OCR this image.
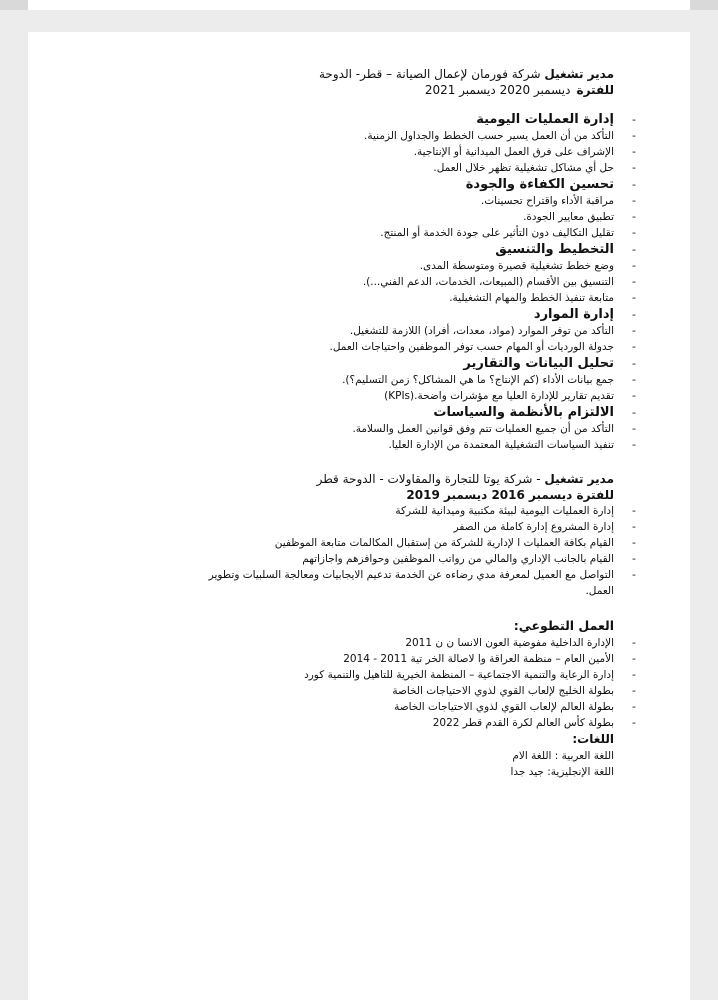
مدير تشغيل شركة فورمان لإعمال الصيانة – قطر- الدوحة
للفترةديسمبر 2020 ديسمبر 2021
إدارة العمليات اليومية -
التأكد من أن العمل يسير حسب الخطط والجداول الزمنية. -
الإشراف على فرق العمل الميدانية أو الإنتاجية. -
حل أي مشاكل تشغيلية تظهر خلال العمل. -
تحسين الكفاءة والجودة -
مراقبة الأداء واقتراح تحسينات. -
تطبيق معايير الجودة. -
تقليل التكاليف دون التأثير على جودة الخدمة أو المنتج. -
التخطيط والتنسيق -
وضع خطط تشغيلية قصيرة ومتوسطة المدى. -
التنسيق بين الأقسام (المبيعات، الخدمات، الدعم الفني...). -
متابعة تنفيذ الخطط والمهام التشغيلية. -
إدارة الموارد -
التأكد من توفر الموارد (مواد، معدات، أفراد) اللازمة للتشغيل. -
جدولة الورديات أو المهام حسب توفر الموظفين واحتياجات العمل. -
تحليل البيانات والتقارير -
جمع بيانات الأداء (كم الإنتاج؟ ما هي المشاكل؟ زمن التسليم؟). -
تقديم تقارير للإدارة العليا مع مؤشرات واضحة.(KPIs) -
الالتزام بالأنظمة والسياسات -
التأكد من أن جميع العمليات تتم وفق قوانين العمل والسلامة. -
تنفيذ السياسات التشغيلية المعتمدة من الإدارة العليا. -
مدير تشغيل - شركة يوتا للتجارة والمقاولات - الدوحة قطر
للفترة ديسمبر 2016 ديسمبر 2019
إدارة العمليات اليومية لبيئة مكتبية وميدانية للشركة -
إدارة المشروع إدارة كاملة من الصفر -
القيام بكافة العمليات ا لإدارية للشركة من إستقبال المكالمات متابعة الموظفين -
القيام بالجانب الإداري والمالي من رواتب الموظفين وحوافزهم واجازاتهم -
التواصل مع العميل لمعرفة مدي رضاءه عن الخدمة تدعيم الايجابيات ومعالجة السلبيات وتطوير العمل.
-
العمل التطوعي:
الإدارة الداخلية مفوضية العون الانسا ن ن 2011 -
الأمين العام – منظمة العراقة وا لاصالة الخر تية 2011 - 2014 -
إدارة الرعاية والتنمية الاجتماعية – المنظمة الخيرية للتاهيل والتنمية كورد -
بطولة الخليج لإلعاب القوي لذوي الاحتياجات الخاصة -
بطولة العالم لإلعاب القوي لذوي الاحتياجات الخاصة -
بطولة كأس العالم لكرة القدم قطر 2022 -
اللغات:
اللغة العربية : اللغة الام
اللغة الإنجليزية: جيد جدا
